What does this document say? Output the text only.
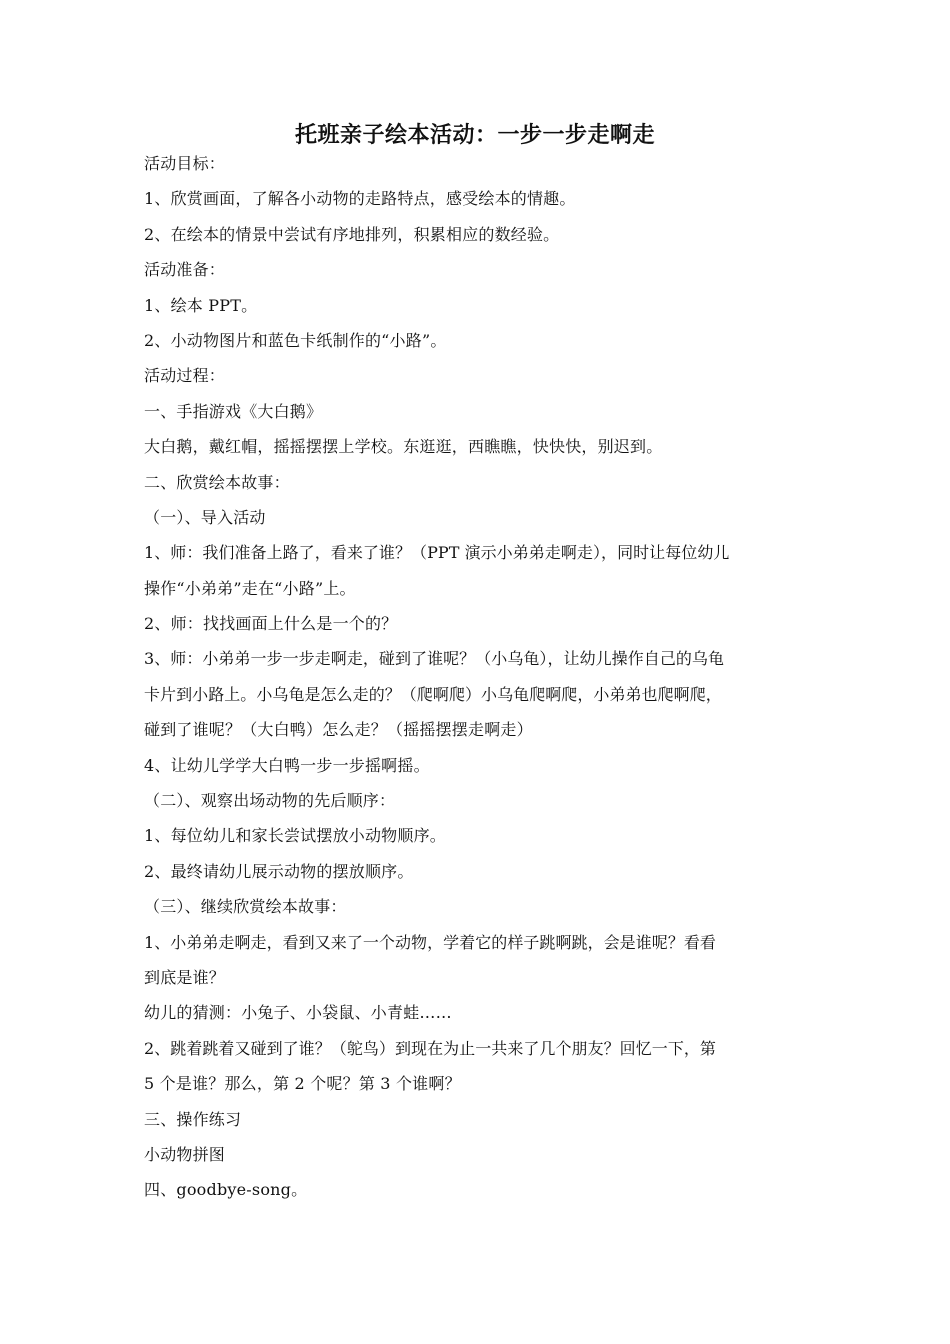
托班亲子绘本活动：一步一步走啊走
活动目标：
1、欣赏画面，了解各小动物的走路特点，感受绘本的情趣。
2、在绘本的情景中尝试有序地排列，积累相应的数经验。
活动准备：
1、绘本 PPT。
2、小动物图片和蓝色卡纸制作的“小路”。
活动过程：
一、手指游戏《大白鹅》
大白鹅，戴红帽，摇摇摆摆上学校。东逛逛，西瞧瞧，快快快，别迟到。
二、欣赏绘本故事：
（一）、导入活动
1、师：我们准备上路了，看来了谁？（PPT 演示小弟弟走啊走），同时让每位幼儿
操作“小弟弟”走在“小路”上。
2、师：找找画面上什么是一个的？
3、师：小弟弟一步一步走啊走，碰到了谁呢？（小乌龟），让幼儿操作自己的乌龟
卡片到小路上。小乌龟是怎么走的？（爬啊爬）小乌龟爬啊爬，小弟弟也爬啊爬，
碰到了谁呢？（大白鸭）怎么走？（摇摇摆摆走啊走）
4、让幼儿学学大白鸭一步一步摇啊摇。
（二）、观察出场动物的先后顺序：
1、每位幼儿和家长尝试摆放小动物顺序。
2、最终请幼儿展示动物的摆放顺序。
（三）、继续欣赏绘本故事：
1、小弟弟走啊走，看到又来了一个动物，学着它的样子跳啊跳，会是谁呢？看看
到底是谁？
幼儿的猜测：小兔子、小袋鼠、小青蛙……
2、跳着跳着又碰到了谁？（鸵鸟）到现在为止一共来了几个朋友？回忆一下，第
5 个是谁？那么，第 2 个呢？第 3 个谁啊？
三、操作练习
小动物拼图
四、goodbye-song。
